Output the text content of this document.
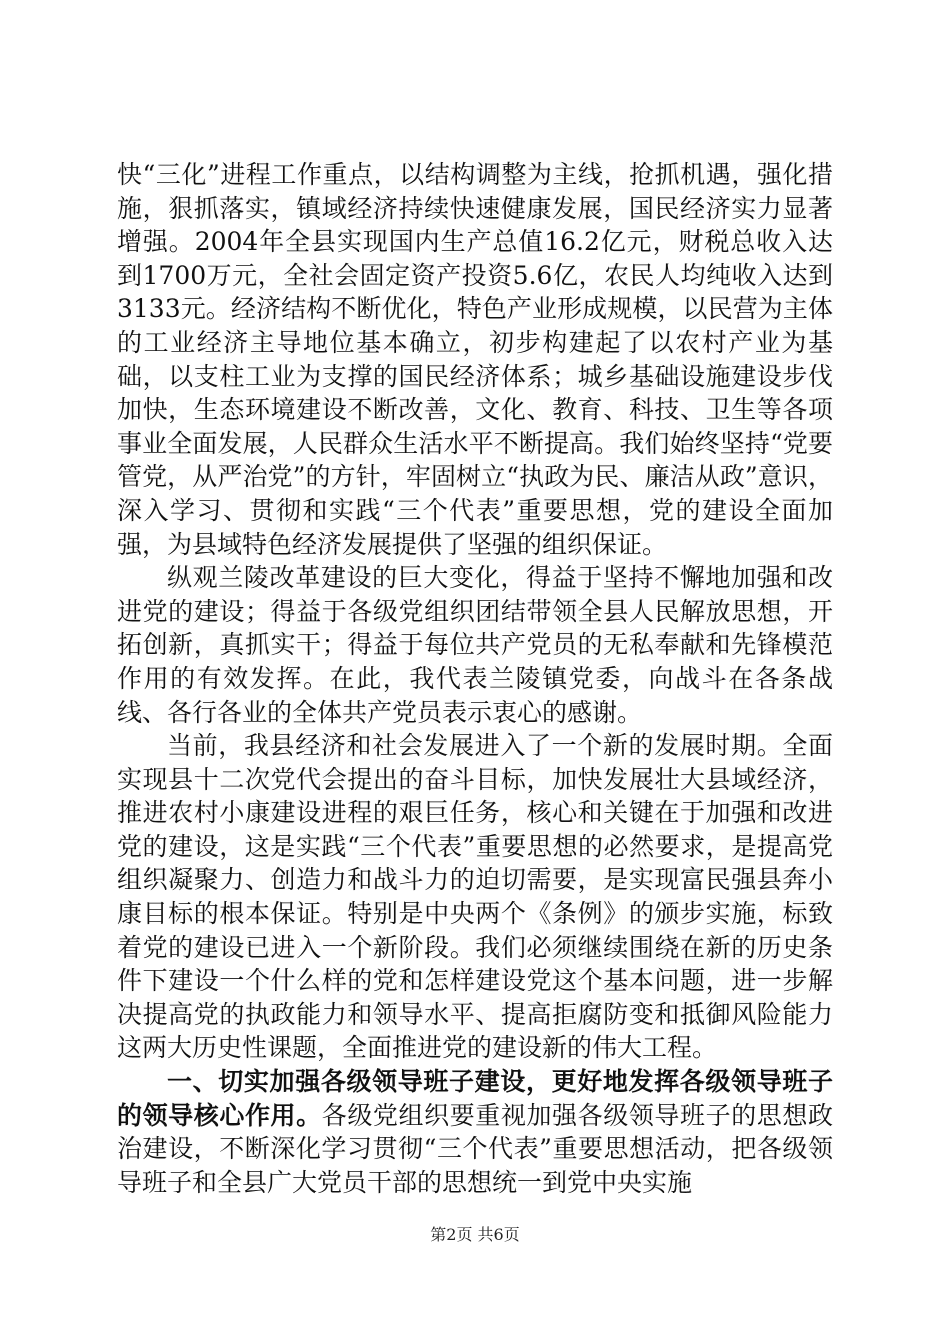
快“三化”进程工作重点，以结构调整为主线，抢抓机遇，强化措施，狠抓落实，镇域经济持续快速健康发展，国民经济实力显著增强。2004年全县实现国内生产总值16.2亿元，财税总收入达到1700万元，全社会固定资产投资5.6亿，农民人均纯收入达到3133元。经济结构不断优化，特色产业形成规模，以民营为主体的工业经济主导地位基本确立，初步构建起了以农村产业为基础，以支柱工业为支撑的国民经济体系；城乡基础设施建设步伐加快，生态环境建设不断改善，文化、教育、科技、卫生等各项事业全面发展，人民群众生活水平不断提高。我们始终坚持“党要管党，从严治党”的方针，牢固树立“执政为民、廉洁从政”意识，深入学习、贯彻和实践“三个代表”重要思想，党的建设全面加强，为县域特色经济发展提供了坚强的组织保证。

纵观兰陵改革建设的巨大变化，得益于坚持不懈地加强和改进党的建设；得益于各级党组织团结带领全县人民解放思想，开拓创新，真抓实干；得益于每位共产党员的无私奉献和先锋模范作用的有效发挥。在此，我代表兰陵镇党委，向战斗在各条战线、各行各业的全体共产党员表示衷心的感谢。

当前，我县经济和社会发展进入了一个新的发展时期。全面实现县十二次党代会提出的奋斗目标，加快发展壮大县域经济，推进农村小康建设进程的艰巨任务，核心和关键在于加强和改进党的建设，这是实践“三个代表”重要思想的必然要求，是提高党组织凝聚力、创造力和战斗力的迫切需要，是实现富民强县奔小康目标的根本保证。特别是中央两个《条例》的颁步实施，标致着党的建设已进入一个新阶段。我们必须继续围绕在新的历史条件下建设一个什么样的党和怎样建设党这个基本问题，进一步解决提高党的执政能力和领导水平、提高拒腐防变和抵御风险能力这两大历史性课题，全面推进党的建设新的伟大工程。

一、切实加强各级领导班子建设，更好地发挥各级领导班子的领导核心作用。各级党组织要重视加强各级领导班子的思想政治建设，不断深化学习贯彻“三个代表”重要思想活动，把各级领导班子和全县广大党员干部的思想统一到党中央实施

第2页 共6页
